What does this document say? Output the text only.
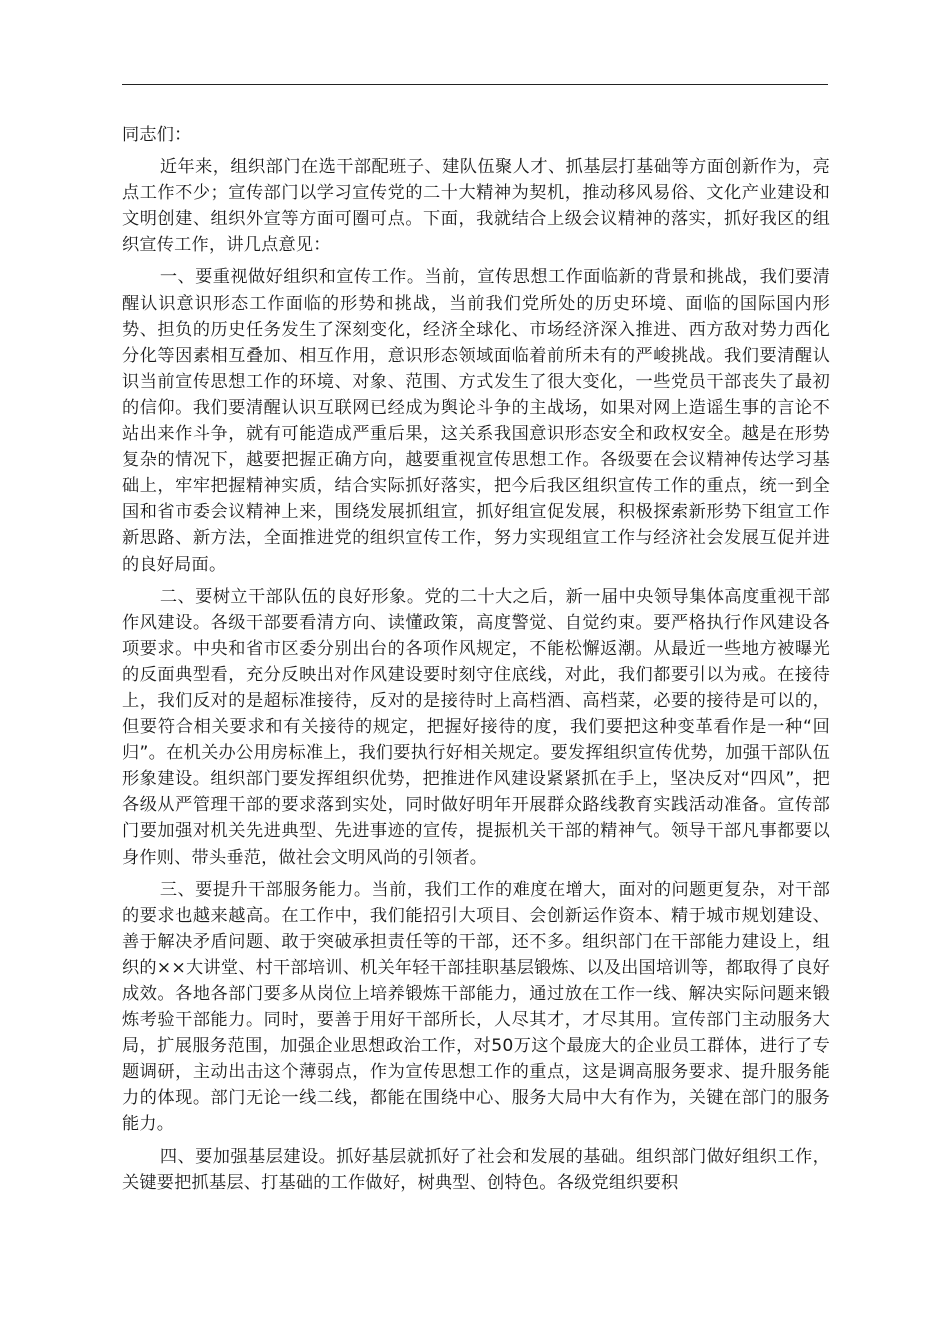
同志们：

近年来，组织部门在选干部配班子、建队伍聚人才、抓基层打基础等方面创新作为，亮点工作不少；宣传部门以学习宣传党的二十大精神为契机，推动移风易俗、文化产业建设和文明创建、组织外宣等方面可圈可点。下面，我就结合上级会议精神的落实，抓好我区的组织宣传工作，讲几点意见：

一、要重视做好组织和宣传工作。当前，宣传思想工作面临新的背景和挑战，我们要清醒认识意识形态工作面临的形势和挑战，当前我们党所处的历史环境、面临的国际国内形势、担负的历史任务发生了深刻变化，经济全球化、市场经济深入推进、西方敌对势力西化分化等因素相互叠加、相互作用，意识形态领域面临着前所未有的严峻挑战。我们要清醒认识当前宣传思想工作的环境、对象、范围、方式发生了很大变化，一些党员干部丧失了最初的信仰。我们要清醒认识互联网已经成为舆论斗争的主战场，如果对网上造谣生事的言论不站出来作斗争，就有可能造成严重后果，这关系我国意识形态安全和政权安全。越是在形势复杂的情况下，越要把握正确方向，越要重视宣传思想工作。各级要在会议精神传达学习基础上，牢牢把握精神实质，结合实际抓好落实，把今后我区组织宣传工作的重点，统一到全国和省市委会议精神上来，围绕发展抓组宣，抓好组宣促发展，积极探索新形势下组宣工作新思路、新方法，全面推进党的组织宣传工作，努力实现组宣工作与经济社会发展互促并进的良好局面。

二、要树立干部队伍的良好形象。党的二十大之后，新一届中央领导集体高度重视干部作风建设。各级干部要看清方向、读懂政策，高度警觉、自觉约束。要严格执行作风建设各项要求。中央和省市区委分别出台的各项作风规定，不能松懈返潮。从最近一些地方被曝光的反面典型看，充分反映出对作风建设要时刻守住底线，对此，我们都要引以为戒。在接待上，我们反对的是超标准接待，反对的是接待时上高档酒、高档菜，必要的接待是可以的，但要符合相关要求和有关接待的规定，把握好接待的度，我们要把这种变革看作是一种“回归”。在机关办公用房标准上，我们要执行好相关规定。要发挥组织宣传优势，加强干部队伍形象建设。组织部门要发挥组织优势，把推进作风建设紧紧抓在手上，坚决反对“四风”，把各级从严管理干部的要求落到实处，同时做好明年开展群众路线教育实践活动准备。宣传部门要加强对机关先进典型、先进事迹的宣传，提振机关干部的精神气。领导干部凡事都要以身作则、带头垂范，做社会文明风尚的引领者。

三、要提升干部服务能力。当前，我们工作的难度在增大，面对的问题更复杂，对干部的要求也越来越高。在工作中，我们能招引大项目、会创新运作资本、精于城市规划建设、善于解决矛盾问题、敢于突破承担责任等的干部，还不多。组织部门在干部能力建设上，组织的××大讲堂、村干部培训、机关年轻干部挂职基层锻炼、以及出国培训等，都取得了良好成效。各地各部门要多从岗位上培养锻炼干部能力，通过放在工作一线、解决实际问题来锻炼考验干部能力。同时，要善于用好干部所长，人尽其才，才尽其用。宣传部门主动服务大局，扩展服务范围，加强企业思想政治工作，对50万这个最庞大的企业员工群体，进行了专题调研，主动出击这个薄弱点，作为宣传思想工作的重点，这是调高服务要求、提升服务能力的体现。部门无论一线二线，都能在围绕中心、服务大局中大有作为，关键在部门的服务能力。

四、要加强基层建设。抓好基层就抓好了社会和发展的基础。组织部门做好组织工作，关键要把抓基层、打基础的工作做好，树典型、创特色。各级党组织要积
